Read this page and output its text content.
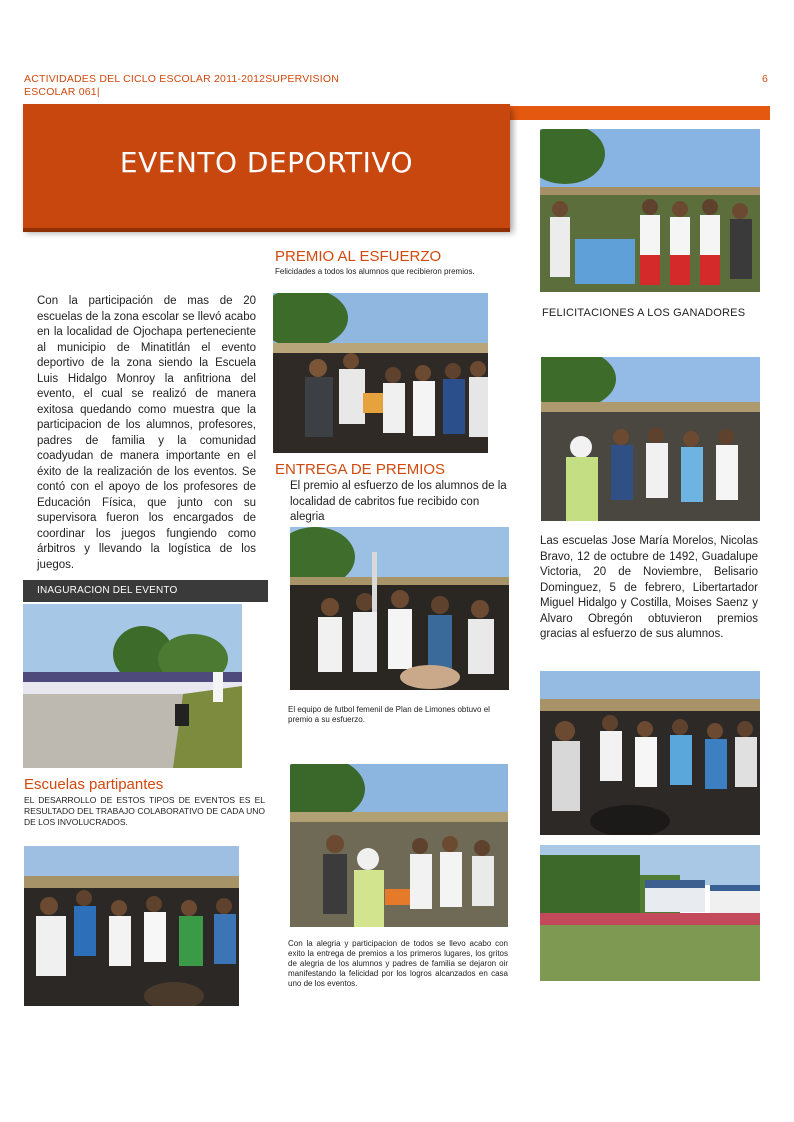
ACTIVIDADES DEL CICLO ESCOLAR 2011-2012SUPERVISION ESCOLAR 061|
6
EVENTO DEPORTIVO
PREMIO AL ESFUERZO
Felicidades a todos los alumnos que recibieron premios.
Con la participación de mas de 20 escuelas de la zona escolar se llevó acabo en la localidad de Ojochapa perteneciente al municipio de Minatitlán el evento deportivo de la zona siendo la Escuela Luis Hidalgo Monroy la anfitriona del evento, el cual se realizó de manera exitosa quedando como muestra que la participacion de los alumnos, profesores, padres de familia y la comunidad coadyudan de manera importante en el éxito de la realización de los eventos. Se contó con el apoyo de los profesores de Educación Física, que junto con su supervisora fueron los encargados de coordinar los juegos fungiendo como árbitros y llevando la logística de los juegos.
INAGURACION DEL EVENTO
Escuelas partipantes
EL DESARROLLO DE ESTOS TIPOS DE EVENTOS ES EL RESULTADO DEL TRABAJO COLABORATIVO DE CADA UNO DE LOS INVOLUCRADOS.
ENTREGA DE PREMIOS
El premio al esfuerzo de los alumnos de la localidad de cabritos fue recibido con alegria
El equipo de futbol femenil de Plan de Limones obtuvo el premio a su esfuerzo.
Con la alegria y participacion de todos se llevo acabo con exito la entrega de premios a los primeros lugares, los gritos de alegria de los alumnos y padres de familia se dejaron oir manifestando la felicidad por los logros alcanzados en casa uno de los eventos.
FELICITACIONES A LOS GANADORES
Las escuelas Jose María Morelos, Nicolas Bravo, 12 de octubre de 1492, Guadalupe Victoria, 20 de Noviembre, Belisario Dominguez, 5 de febrero, Libertartador Miguel Hidalgo y Costilla, Moises Saenz y Alvaro Obregón obtuvieron premios gracias al esfuerzo de sus alumnos.
